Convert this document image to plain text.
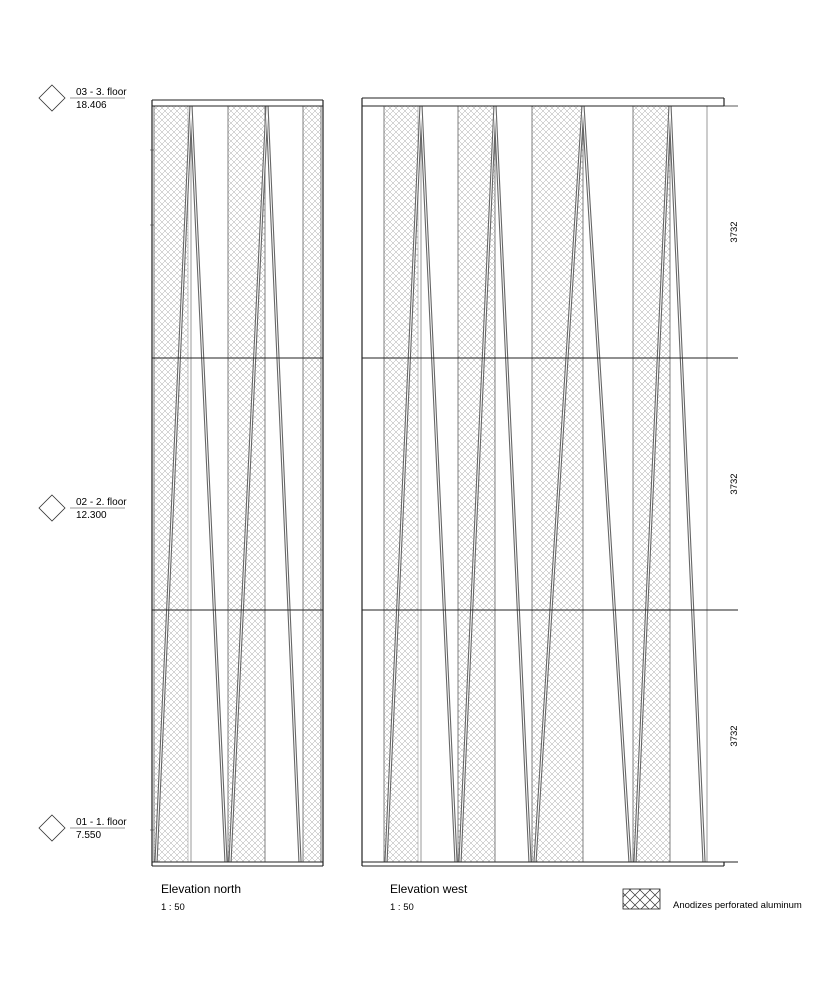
03 - 3. floor
18.406
02 - 2. floor
12.300
01 - 1. floor
7.550
3732
3732
3732
Elevation north
1 : 50
Elevation west
1 : 50	Anodizes perforated aluminum
